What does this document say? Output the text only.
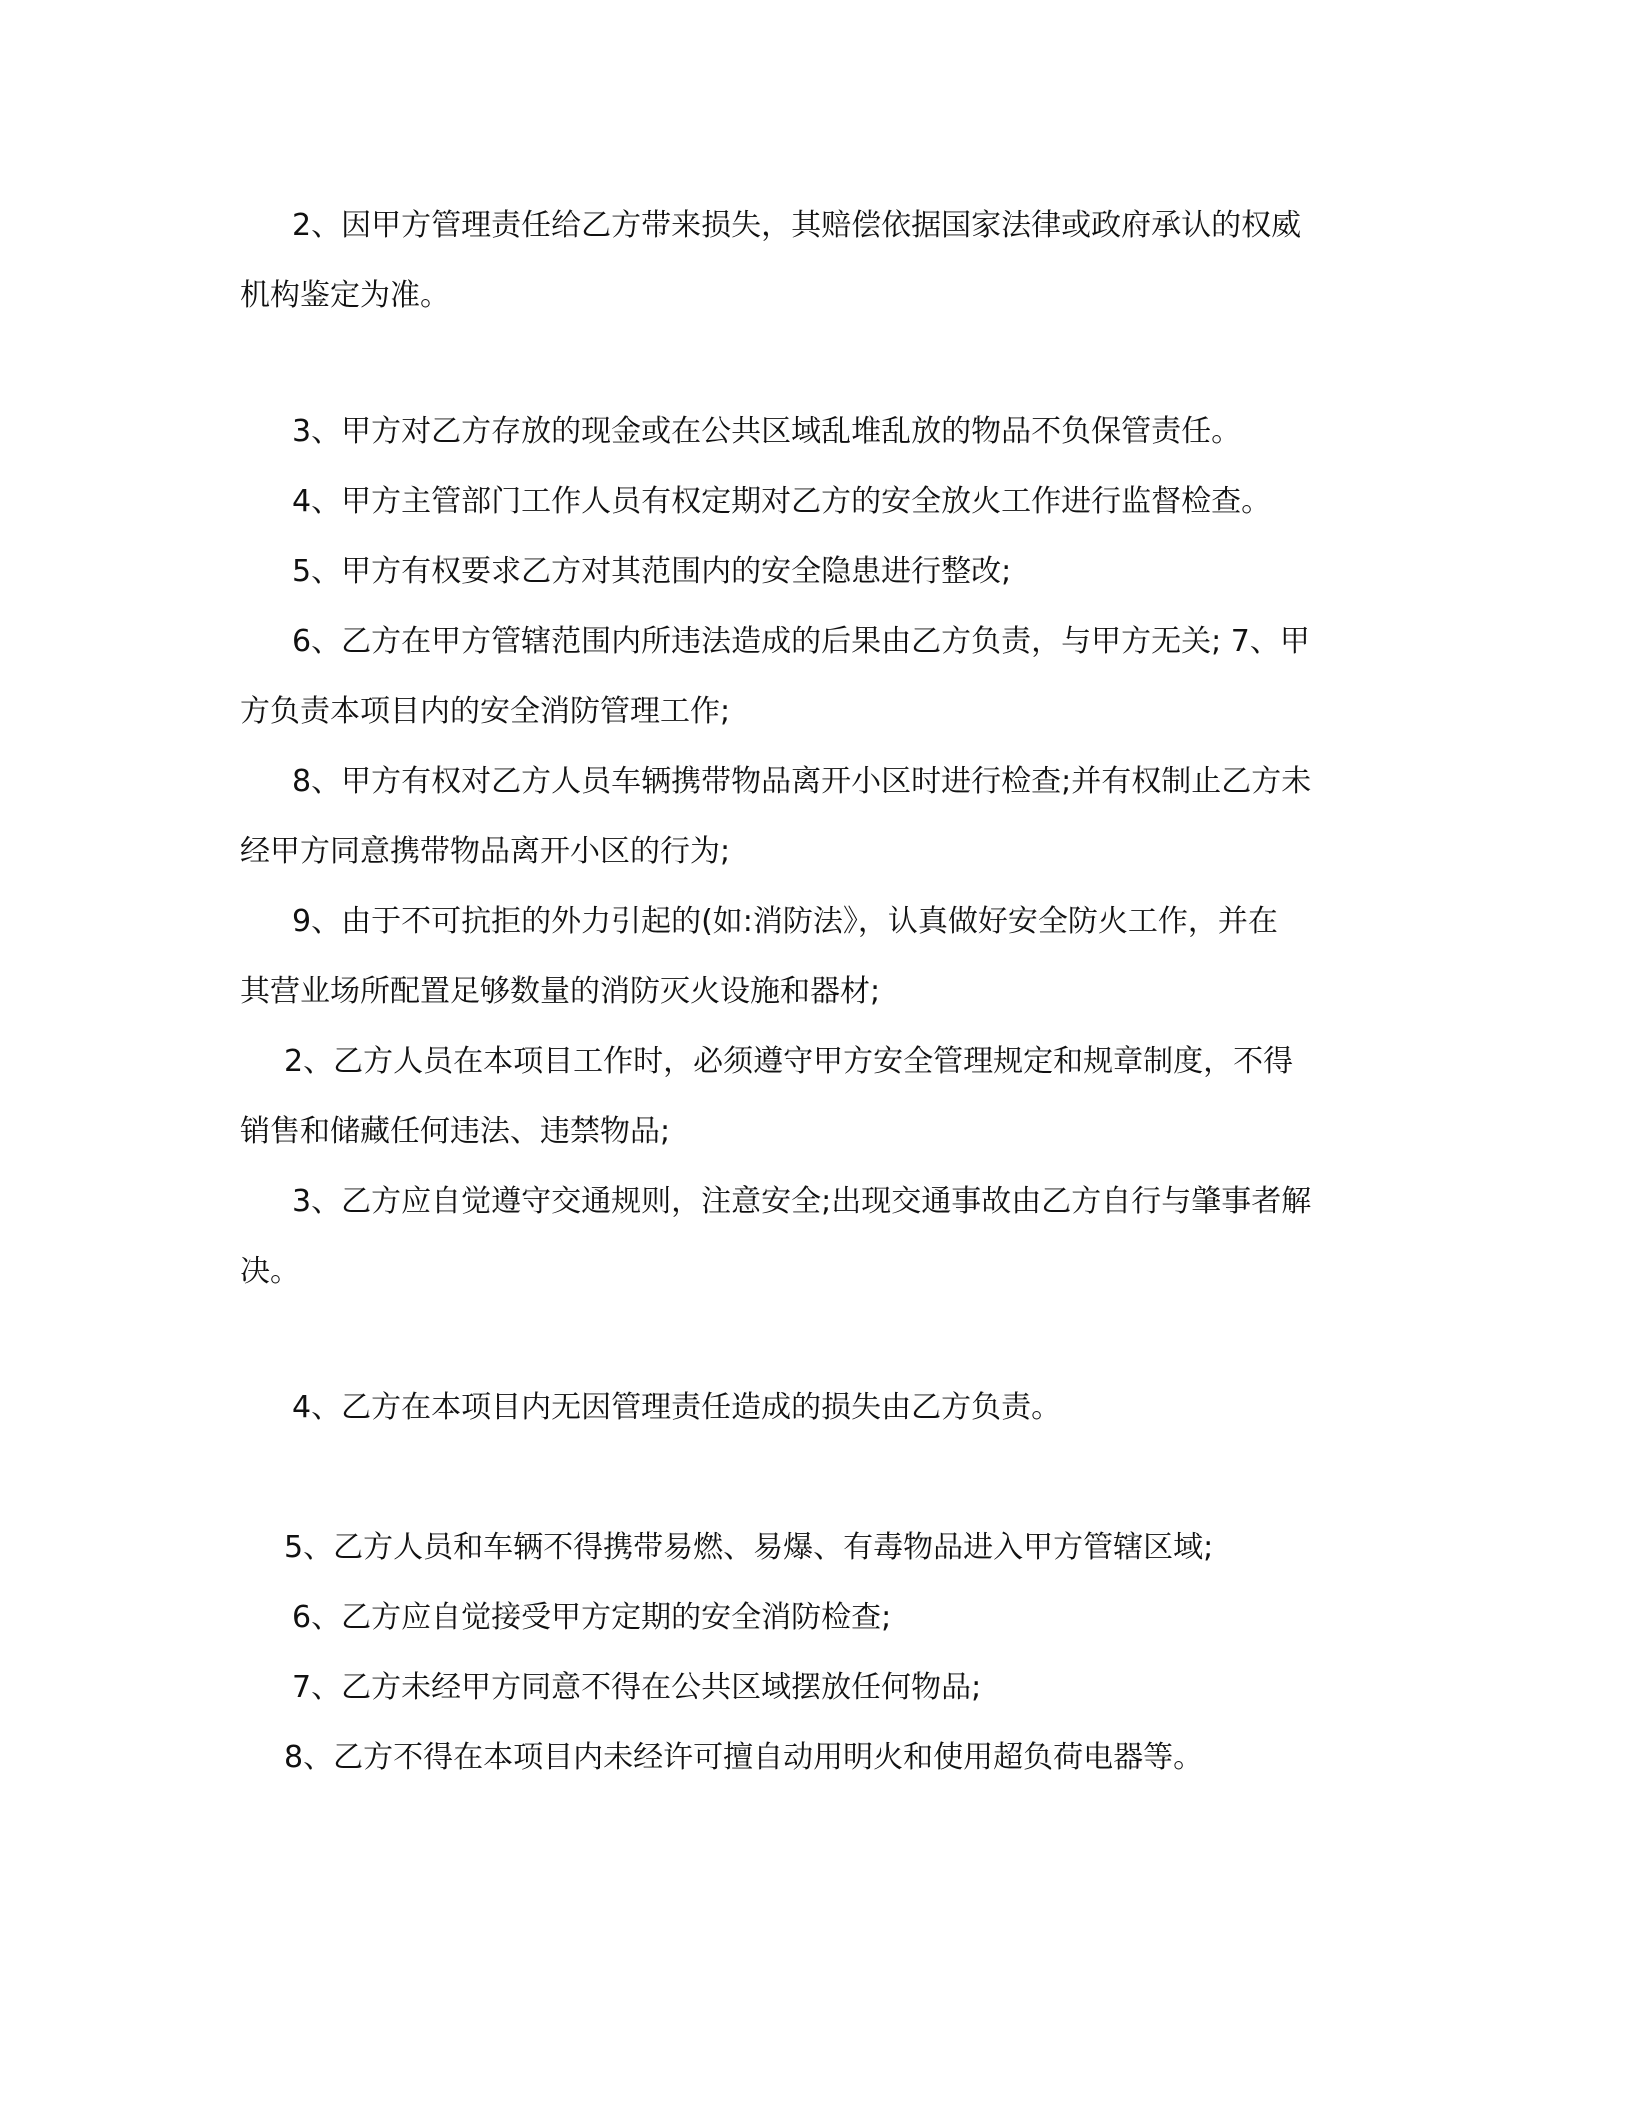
2、因甲方管理责任给乙方带来损失，其赔偿依据国家法律或政府承认的权威
机构鉴定为准。

3、甲方对乙方存放的现金或在公共区域乱堆乱放的物品不负保管责任。

4、甲方主管部门工作人员有权定期对乙方的安全放火工作进行监督检查。

5、甲方有权要求乙方对其范围内的安全隐患进行整改;

6、乙方在甲方管辖范围内所违法造成的后果由乙方负责，与甲方无关; 7、甲
方负责本项目内的安全消防管理工作;

8、甲方有权对乙方人员车辆携带物品离开小区时进行检查;并有权制止乙方未
经甲方同意携带物品离开小区的行为;

9、由于不可抗拒的外力引起的(如:消防法》，认真做好安全防火工作，并在
其营业场所配置足够数量的消防灭火设施和器材;

2、乙方人员在本项目工作时，必须遵守甲方安全管理规定和规章制度，不得
销售和储藏任何违法、违禁物品;

3、乙方应自觉遵守交通规则，注意安全;出现交通事故由乙方自行与肇事者解
决。

4、乙方在本项目内无因管理责任造成的损失由乙方负责。

5、乙方人员和车辆不得携带易燃、易爆、有毒物品进入甲方管辖区域;

6、乙方应自觉接受甲方定期的安全消防检查;

7、乙方未经甲方同意不得在公共区域摆放任何物品;

8、乙方不得在本项目内未经许可擅自动用明火和使用超负荷电器等。
